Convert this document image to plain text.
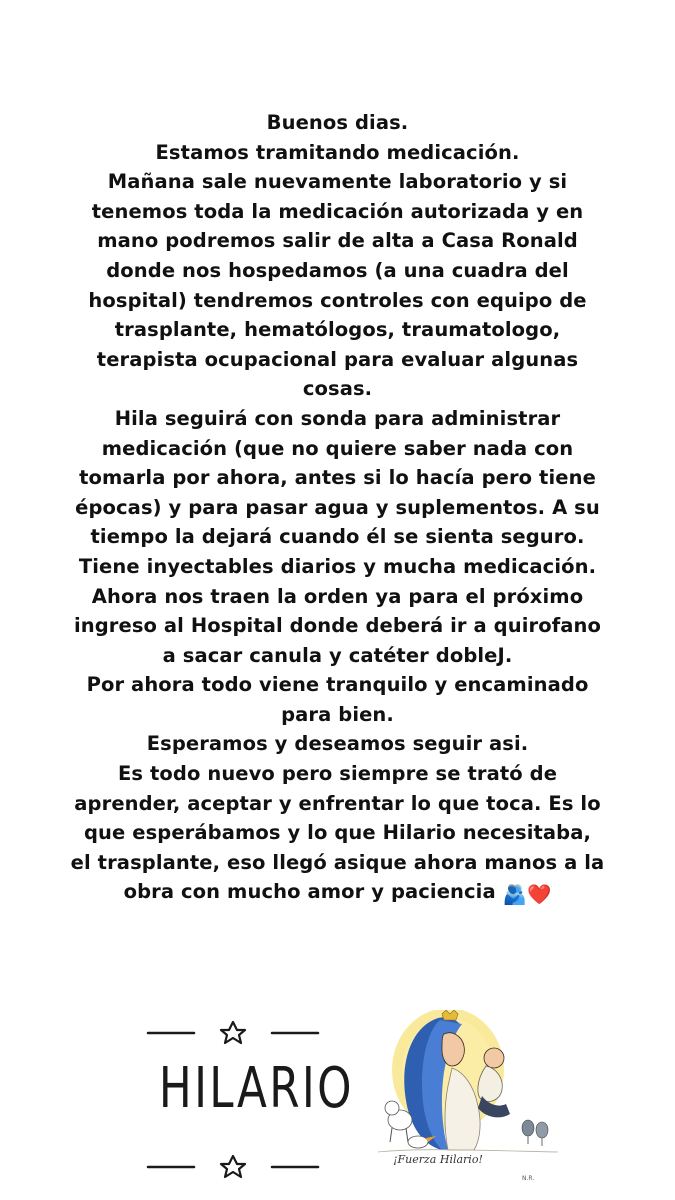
Buenos dias.
Estamos tramitando medicación.
Mañana sale nuevamente laboratorio y si
tenemos toda la medicación autorizada y en
mano podremos salir de alta a Casa Ronald
donde nos hospedamos (a una cuadra del
hospital) tendremos controles con equipo de
trasplante, hematólogos, traumatologo,
terapista ocupacional para evaluar algunas
cosas.
Hila seguirá con sonda para administrar
medicación (que no quiere saber nada con
tomarla por ahora, antes si lo hacía pero tiene
épocas) y para pasar agua y suplementos. A su
tiempo la dejará cuando él se sienta seguro.
Tiene inyectables diarios y mucha medicación.
Ahora nos traen la orden ya para el próximo
ingreso al Hospital donde deberá ir a quirofano
a sacar canula y catéter dobleJ.
Por ahora todo viene tranquilo y encaminado
para bien.
Esperamos y deseamos seguir asi.
Es todo nuevo pero siempre se trató de
aprender, aceptar y enfrentar lo que toca. Es lo
que esperábamos y lo que Hilario necesitaba,
el trasplante, eso llegó asique ahora manos a la
obra con mucho amor y paciencia 🫂❤️
HILARIO
¡Fuerza Hilario!
N.R.
